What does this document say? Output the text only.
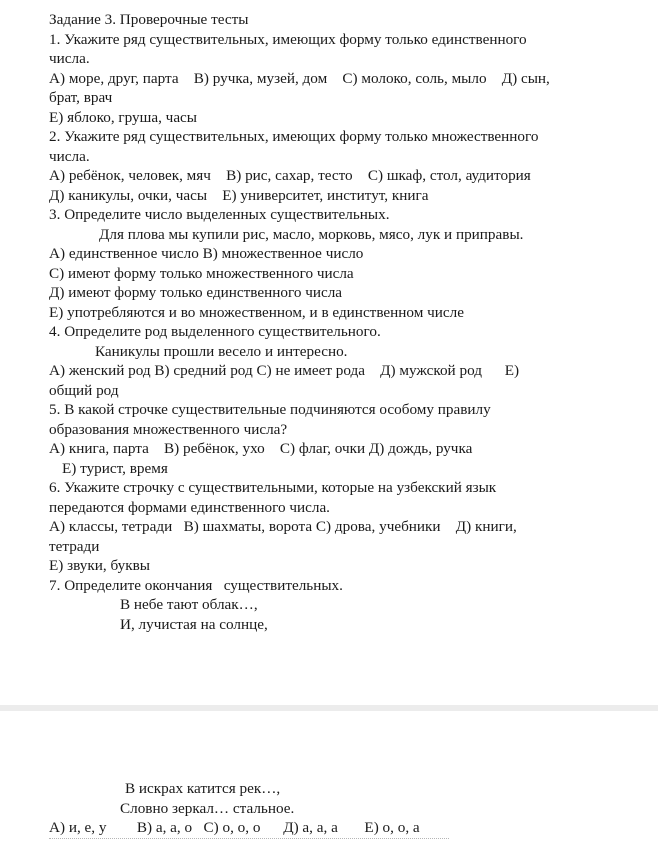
Задание 3. Проверочные тесты
1. Укажите ряд существительных, имеющих форму только единственного
числа.
А) море, друг, парта    В) ручка, музей, дом    С) молоко, соль, мыло    Д) сын,
брат, врач
Е) яблоко, груша, часы
2. Укажите ряд существительных, имеющих форму только множественного
числа.
А) ребёнок, человек, мяч    В) рис, сахар, тесто    С) шкаф, стол, аудитория
Д) каникулы, очки, часы    Е) университет, институт, книга
3. Определите число выделенных существительных.
Для плова мы купили рис, масло, морковь, мясо, лук и приправы.
А) единственное число В) множественное число
С) имеют форму только множественного числа
Д) имеют форму только единственного числа
Е) употребляются и во множественном, и в единственном числе
4. Определите род выделенного существительного.
Каникулы прошли весело и интересно.
А) женский род В) средний род С) не имеет рода    Д) мужской род      Е)
общий род
5. В какой строчке существительные подчиняются особому правилу
образования множественного числа?
А) книга, парта    В) ребёнок, ухо    С) флаг, очки Д) дождь, ручка
Е) турист, время
6. Укажите строчку с существительными, которые на узбекский язык
передаются формами единственного числа.
А) классы, тетради   В) шахматы, ворота С) дрова, учебники    Д) книги,
тетради
Е) звуки, буквы
7. Определите окончания   существительных.
В небе тают облак…,
И, лучистая на солнце,
В искрах катится рек…,
Словно зеркал… стальное.
А) и, е, у        В) а, а, о   С) о, о, о      Д) а, а, а       Е) о, о, а
